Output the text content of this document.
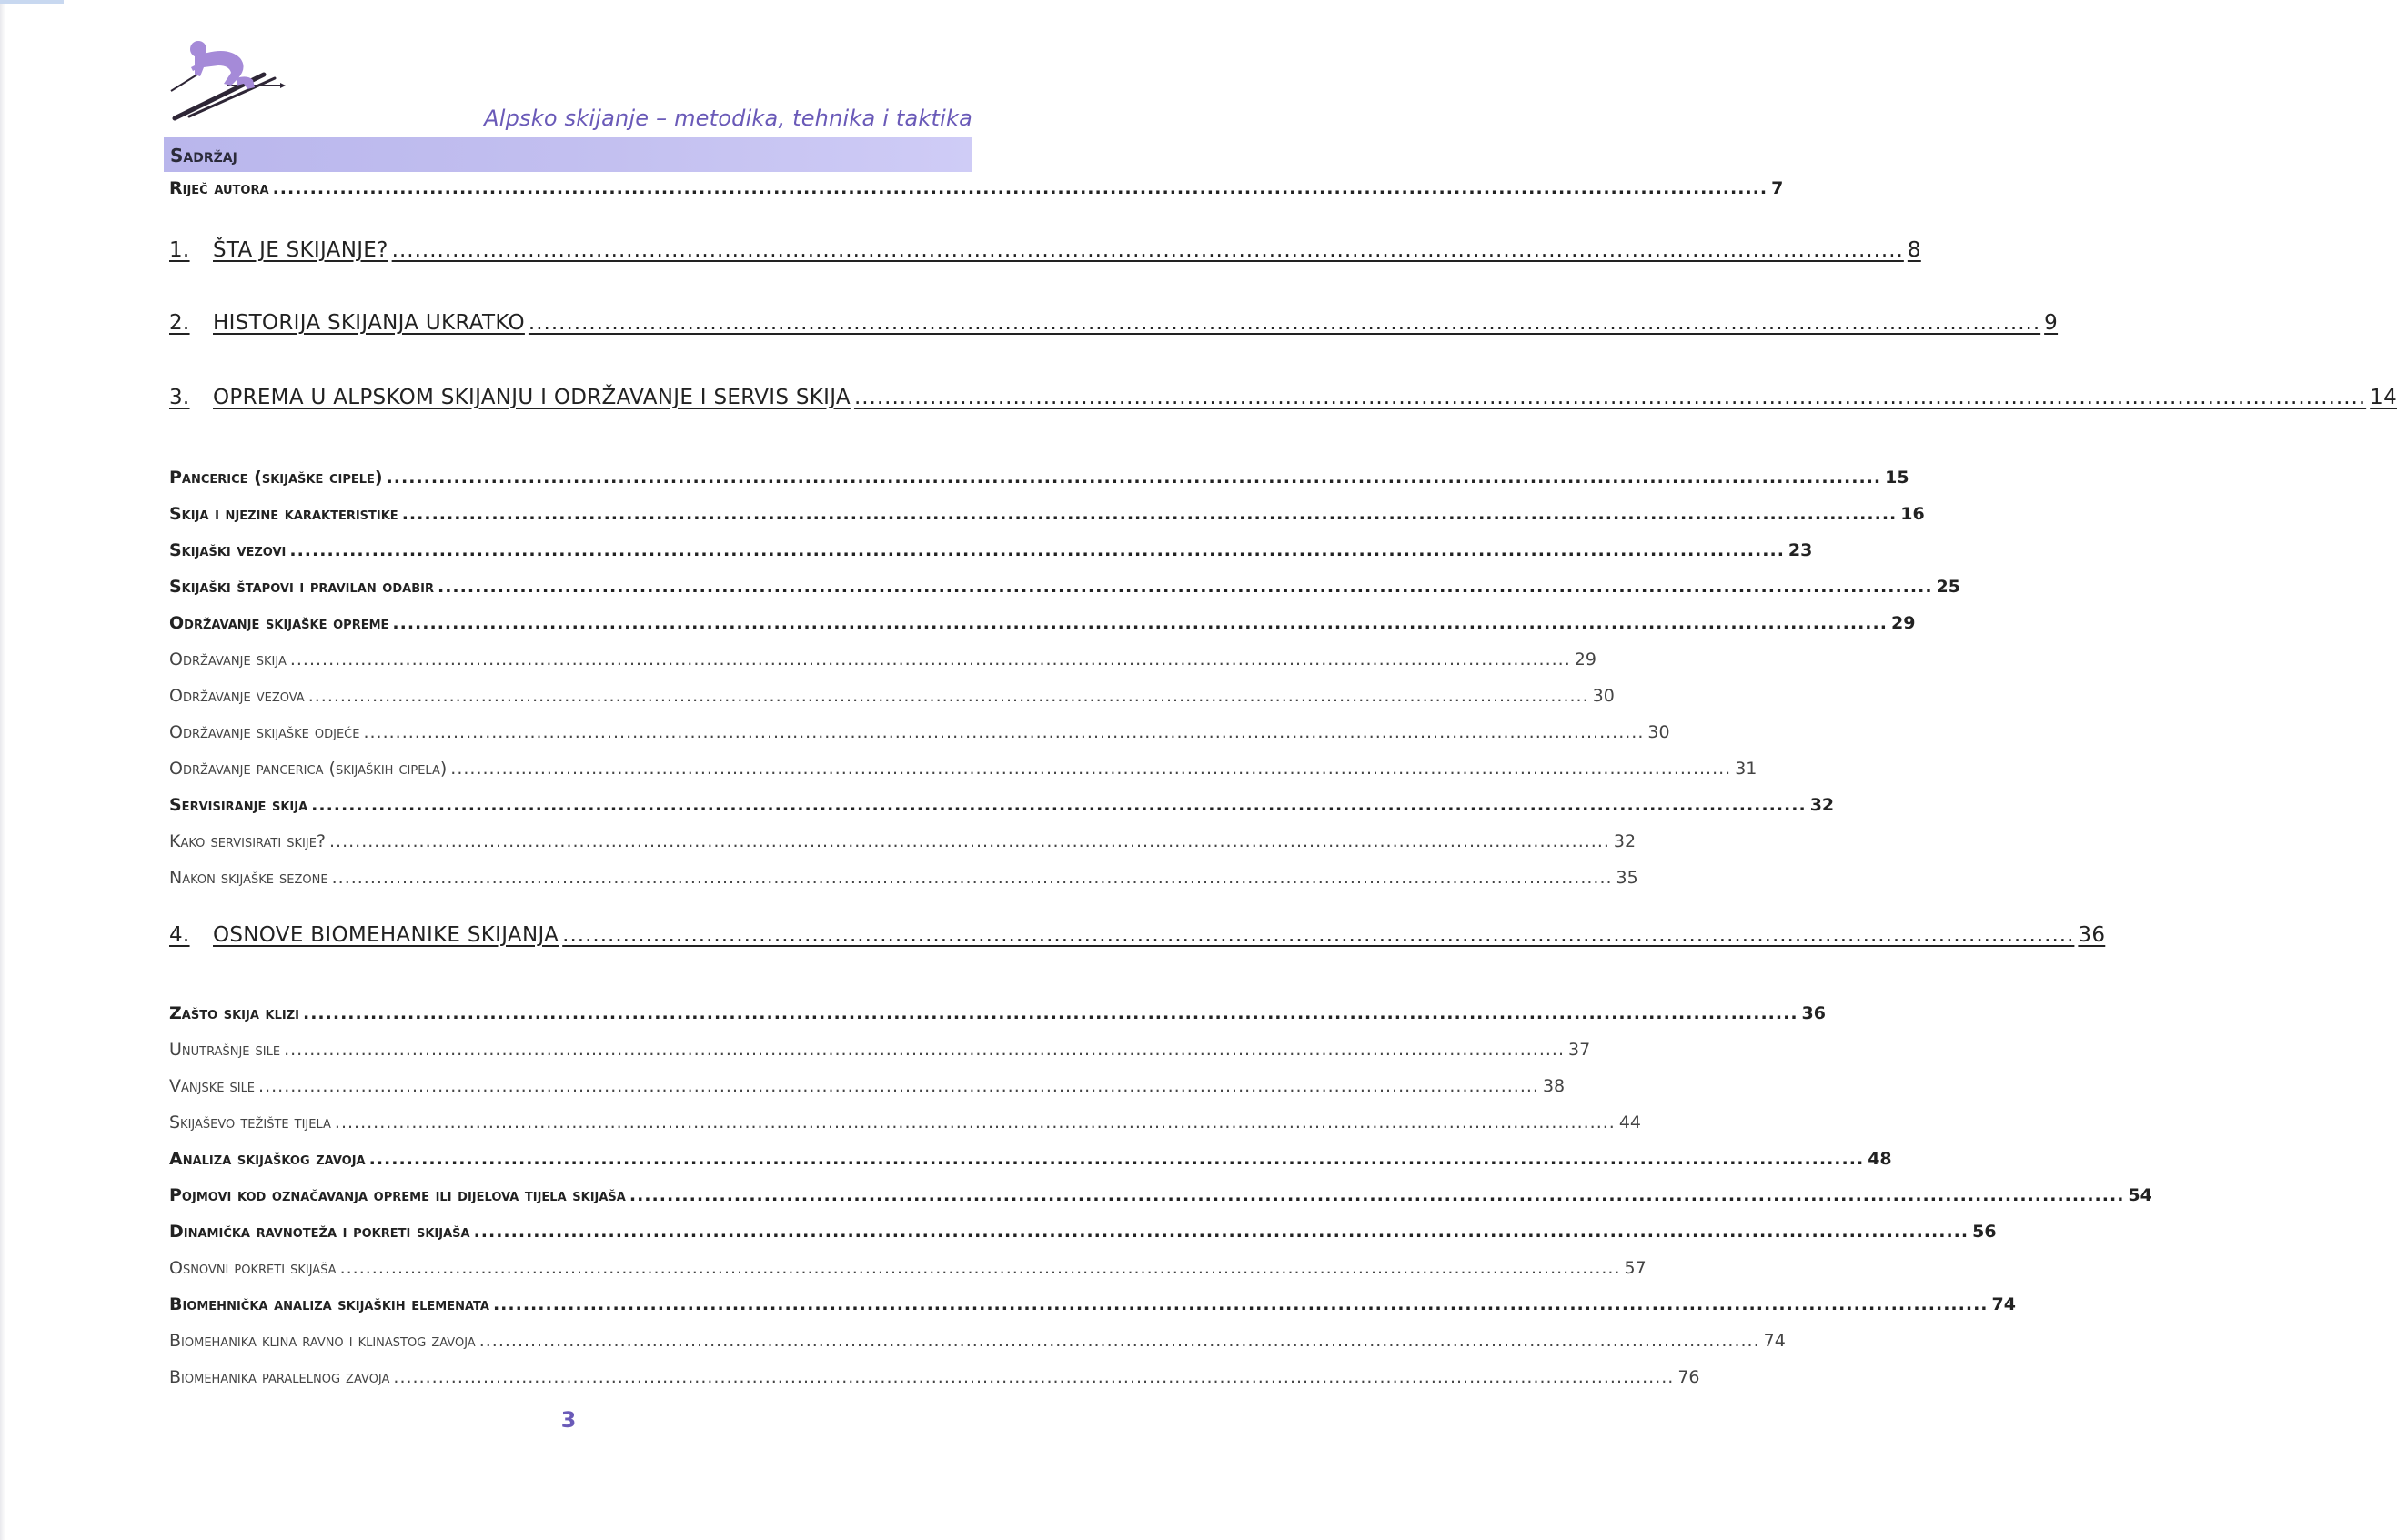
Alpsko skijanje – metodika, tehnika i taktika
Sadržaj
Riječ autora ........................................................................................................................................................................................................ 7
1.	ŠTA JE SKIJANJE? ........................................................................................................................................................................................................ 8
2.	HISTORIJA SKIJANJA UKRATKO ........................................................................................................................................................................................................ 9
3.	OPREMA U ALPSKOM SKIJANJU I ODRŽAVANJE I SERVIS SKIJA ........................................................................................................................................................................................................ 14
Pancerice (skijaške cipele) ........................................................................................................................................................................................................ 15
Skija i njezine karakteristike ........................................................................................................................................................................................................ 16
Skijaški vezovi ........................................................................................................................................................................................................ 23
Skijaški štapovi i pravilan odabir ........................................................................................................................................................................................................ 25
Održavanje skijaške opreme ........................................................................................................................................................................................................ 29
Održavanje skija ........................................................................................................................................................................................................ 29
Održavanje vezova ........................................................................................................................................................................................................ 30
Održavanje skijaške odjeće ........................................................................................................................................................................................................ 30
Održavanje pancerica (skijaških cipela) ........................................................................................................................................................................................................ 31
Servisiranje skija ........................................................................................................................................................................................................ 32
Kako servisirati skije? ........................................................................................................................................................................................................ 32
Nakon skijaške sezone ........................................................................................................................................................................................................ 35
4.	OSNOVE BIOMEHANIKE SKIJANJA ........................................................................................................................................................................................................ 36
Zašto skija klizi ........................................................................................................................................................................................................ 36
Unutrašnje sile ........................................................................................................................................................................................................ 37
Vanjske sile ........................................................................................................................................................................................................ 38
Skijaševo težište tijela ........................................................................................................................................................................................................ 44
Analiza skijaškog zavoja ........................................................................................................................................................................................................ 48
Pojmovi kod označavanja opreme ili dijelova tijela skijaša ........................................................................................................................................................................................................ 54
Dinamička ravnoteža i pokreti skijaša ........................................................................................................................................................................................................ 56
Osnovni pokreti skijaša ........................................................................................................................................................................................................ 57
Biomehnička analiza skijaških elemenata ........................................................................................................................................................................................................ 74
Biomehanika klina ravno i klinastog zavoja ........................................................................................................................................................................................................ 74
Biomehanika paralelnog zavoja ........................................................................................................................................................................................................ 76
3
